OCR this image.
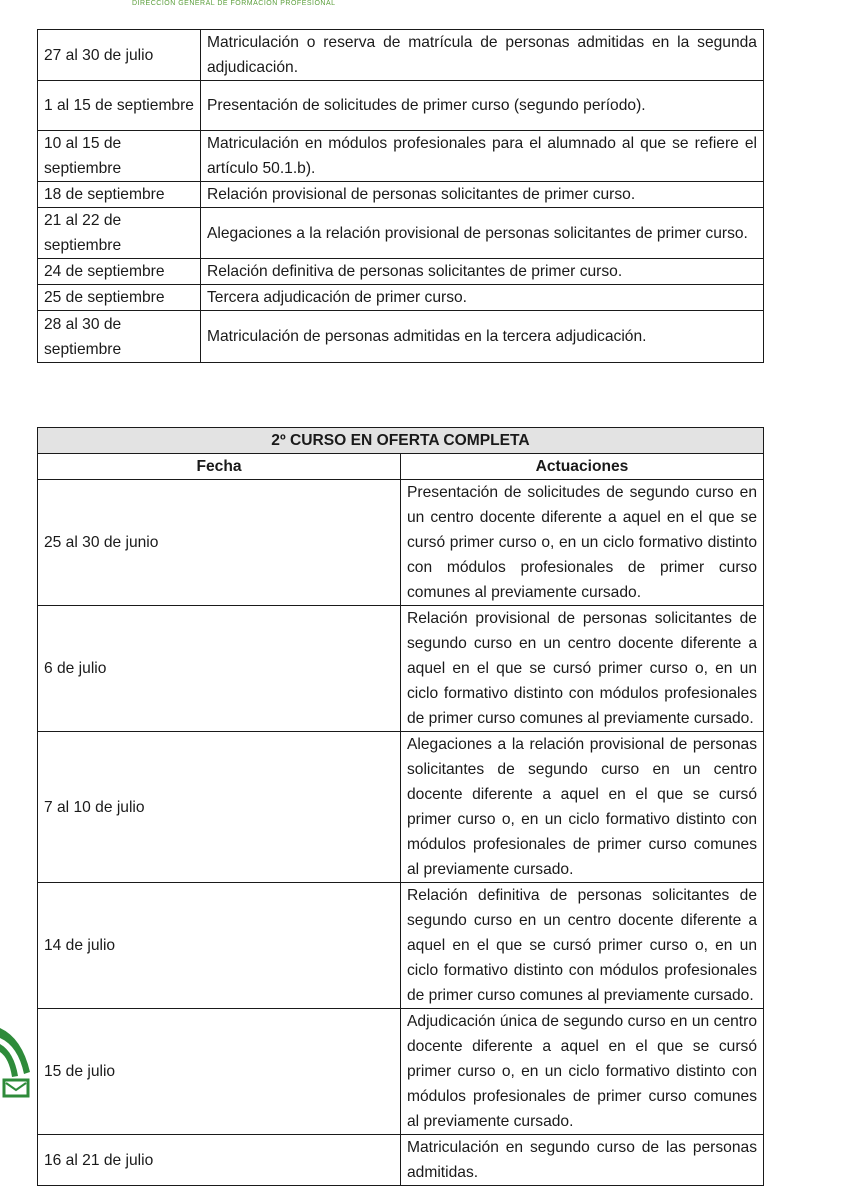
DIRECCIÓN GENERAL DE FORMACIÓN PROFESIONAL
27 al 30 de julio	Matriculación o reserva de matrícula de personas admitidas en la segunda adjudicación.
1 al 15 de septiembre	Presentación de solicitudes de primer curso (segundo período).
10 al 15 de septiembre	Matriculación en módulos profesionales para el alumnado al que se refiere el artículo 50.1.b).
18 de septiembre	Relación provisional de personas solicitantes de primer curso.
21 al 22 de septiembre	Alegaciones a la relación provisional de personas solicitantes de primer curso.
24 de septiembre	Relación definitiva de personas solicitantes de primer curso.
25 de septiembre	Tercera adjudicación de primer curso.
28 al 30 de septiembre	Matriculación de personas admitidas en la tercera adjudicación.
2º CURSO EN OFERTA COMPLETA	
Fecha	Actuaciones
25 al 30 de junio	Presentación de solicitudes de segundo curso en un centro docente diferente a aquel en el que se cursó primer curso o, en un ciclo formativo distinto con módulos profesionales de primer curso comunes al previamente cursado.
6 de julio	Relación provisional de personas solicitantes de segundo curso en un centro docente diferente a aquel en el que se cursó primer curso o, en un ciclo formativo distinto con módulos profesionales de primer curso comunes al previamente cursado.
7 al 10 de julio	Alegaciones a la relación provisional de personas solicitantes de segundo curso en un centro docente diferente a aquel en el que se cursó primer curso o, en un ciclo formativo distinto con módulos profesionales de primer curso comunes al previamente cursado.
14 de julio	Relación definitiva de personas solicitantes de segundo curso en un centro docente diferente a aquel en el que se cursó primer curso o, en un ciclo formativo distinto con módulos profesionales de primer curso comunes al previamente cursado.
15 de julio	Adjudicación única de segundo curso en un centro docente diferente a aquel en el que se cursó primer curso o, en un ciclo formativo distinto con módulos profesionales de primer curso comunes al previamente cursado.
16 al 21 de julio	Matriculación en segundo curso de las personas admitidas.
